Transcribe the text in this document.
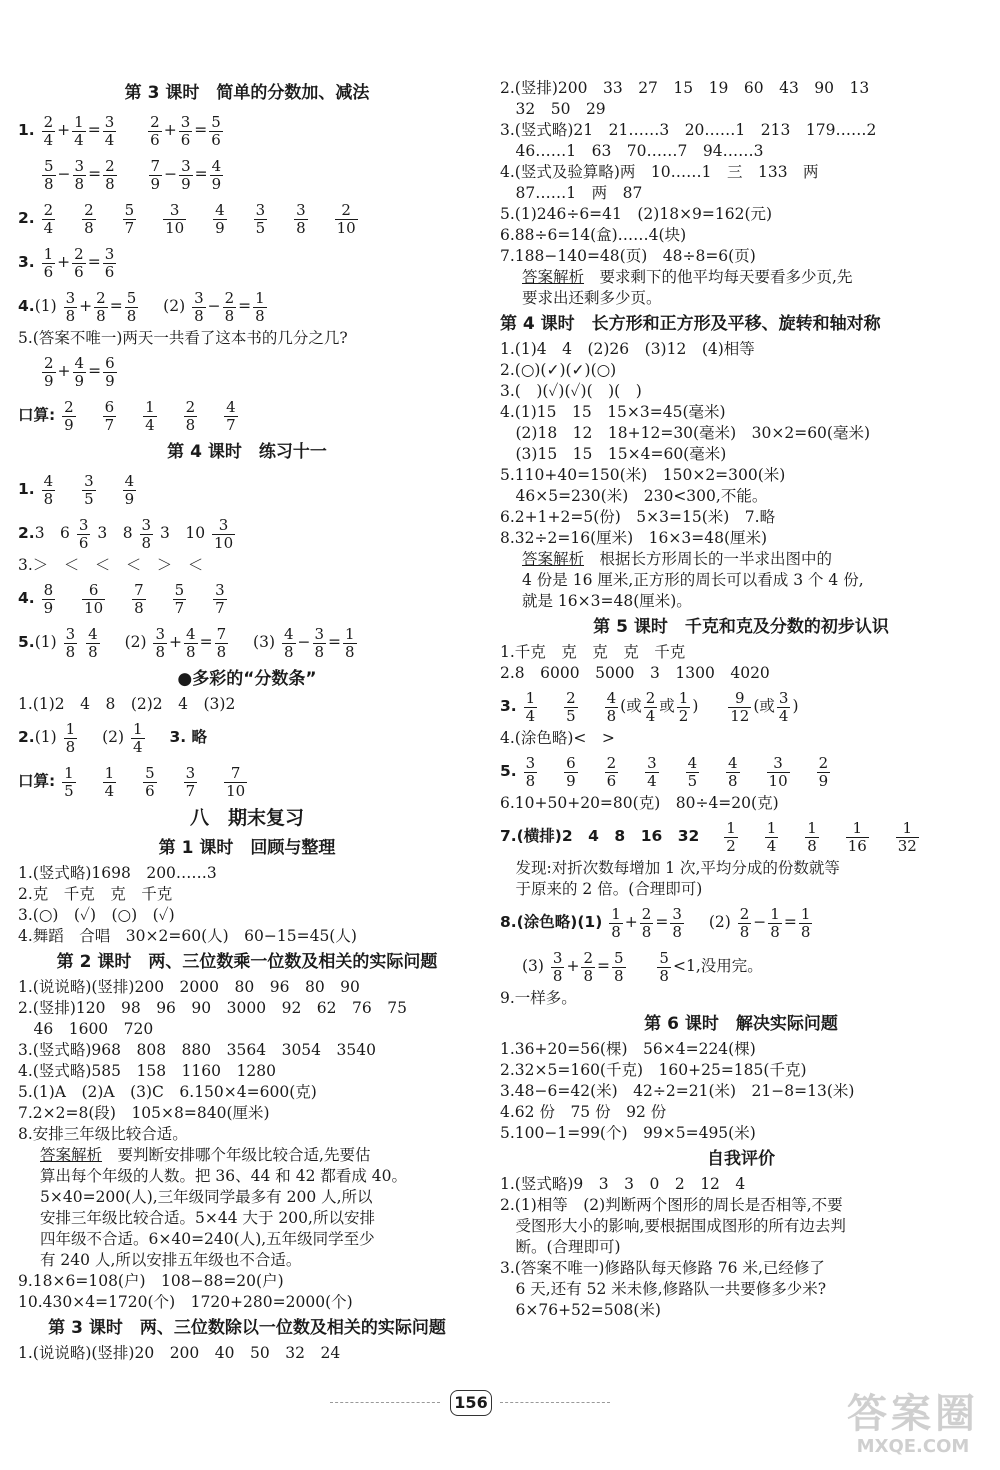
第 3 课时　简单的分数加、减法
1. $\frac{2}{4} + \frac{1}{4} = \frac{3}{4}$
$\frac{2}{6} + \frac{3}{6} = \frac{5}{6}$
$\frac{5}{8} - \frac{3}{8} = \frac{2}{8}$
$\frac{7}{9} - \frac{3}{9} = \frac{4}{9}$
2. $\frac{2}{4}$
$\frac{2}{8}$
$\frac{5}{7}$
$\frac{3}{10}$
$\frac{4}{9}$
$\frac{3}{5}$
$\frac{3}{8}$
$\frac{2}{10}$
3. $\frac{1}{6} + \frac{2}{6} = \frac{3}{6}$
$4.(1) \frac{3}{8} + \frac{2}{8} = \frac{5}{8} (2) \frac{3}{8} - \frac{2}{8} = \frac{1}{8}$
5.(答案不唯一)两天一共看了这本书的几分之几?
$\frac{2}{9} + \frac{4}{9} = \frac{6}{9}$
口算: $\frac{2}{9}$
$\frac{6}{7}$
$\frac{1}{4}$
$\frac{2}{8}$
$\frac{4}{7}$
第 4 课时　练习十一
1. $\frac{4}{8}$
$\frac{3}{5}$
$\frac{4}{9}$
2.3　$6 \frac{3}{6} 3$　$8 \frac{3}{8} 3$　$10 \frac{3}{10}$
3.＞　＜　＜　＜　＞　＜
4. $\frac{8}{9}$
$\frac{6}{10}$
$\frac{7}{8}$
$\frac{5}{7}$
$\frac{3}{7}$
$5.(1) \frac{3}{8}$
$\frac{4}{8} (2) \frac{3}{8} + \frac{4}{8} = \frac{7}{8} (3) \frac{4}{8} - \frac{3}{8} = \frac{1}{8}$
●多彩的“分数条”
1.(1)2　4　8　(2)2　4　(3)2
$2.(1) \frac{1}{8} (2) \frac{1}{4} 3$. 略
口算: $\frac{1}{5}$
$\frac{1}{4}$
$\frac{5}{6}$
$\frac{3}{7}$
$\frac{7}{10}$
八　期末复习
第 1 课时　回顾与整理
1.(竖式略)1698　200……3
2.克　千克　克　千克
3.(○)　(✓)　(○)　(✓)
4.舞蹈　合唱　30×2=60(人)　60−15=45(人)
第 2 课时　两、三位数乘一位数及相关的实际问题
1.(说说略)(竖排)200　2000　80　96　80　90
2.(竖排)120　98　96　90　3000　92　62　76　75
　46　1600　720
3.(竖式略)968　808　880　3564　3054　3540
4.(竖式略)585　158　1160　1280
5.(1)A　(2)A　(3)C　6.150×4=600(克)
7.2×2=8(段)　105×8=840(厘米)
8.安排三年级比较合适。
答案解析　要判断安排哪个年级比较合适,先要估
算出每个年级的人数。把 36、44 和 42 都看成 40。
5×40=200(人),三年级同学最多有 200 人,所以
安排三年级比较合适。5×44 大于 200,所以安排
四年级不合适。6×40=240(人),五年级同学至少
有 240 人,所以安排五年级也不合适。
9.18×6=108(户)　108−88=20(户)
10.430×4=1720(个)　1720+280=2000(个)
第 3 课时　两、三位数除以一位数及相关的实际问题
1.(说说略)(竖排)20　200　40　50　32　24
2.(竖排)200　33　27　15　19　60　43　90　13
　32　50　29
3.(竖式略)21　21……3　20……1　213　179……2
　46……1　63　70……7　94……3
4.(竖式及验算略)两　10……1　三　133　两
　87……1　两　87
5.(1)246÷6=41　(2)18×9=162(元)
6.88÷6=14(盒)……4(块)
7.188−140=48(页)　48÷8=6(页)
答案解析　要求剩下的他平均每天要看多少页,先
要求出还剩多少页。
第 4 课时　长方形和正方形及平移、旋转和轴对称
1.(1)4　4　(2)26　(3)12　(4)相等
2.(○)(✓)(✓)(○)
3.(　)(✓)(✓)(　)(　)
4.(1)15　15　15×3=45(毫米)
　(2)18　12　18+12=30(毫米)　30×2=60(毫米)
　(3)15　15　15×4=60(毫米)
5.110+40=150(米)　150×2=300(米)
　46×5=230(米)　230<300,不能。
6.2+1+2=5(份)　5×3=15(米)　7.略
8.32÷2=16(厘米)　16×3=48(厘米)
答案解析　根据长方形周长的一半求出图中的
4 份是 16 厘米,正方形的周长可以看成 3 个 4 份,
就是 16×3=48(厘米)。
第 5 课时　千克和克及分数的初步认识
1.千克　克　克　克　千克
2.8　6000　5000　3　1300　4020
3. $\frac{1}{4}$
$\frac{2}{5}$
$\frac{4}{8}$ (或 $\frac{2}{4}$ 或 $\frac{1}{2}$ ) $\frac{9}{12}$ (或 $\frac{3}{4}$ )
4.(涂色略)<　>
5. $\frac{3}{8}$
$\frac{6}{9}$
$\frac{2}{6}$
$\frac{3}{4}$
$\frac{4}{5}$
$\frac{4}{8}$
$\frac{3}{10}$
$\frac{2}{9}$
6.10+50+20=80(克)　80÷4=20(克)
7.(横排)2　4　8　16　$32 \frac{1}{2}$
$\frac{1}{4}$
$\frac{1}{8}$
$\frac{1}{16}$
$\frac{1}{32}$
　发现:对折次数每增加 1 次,平均分成的份数就等
　于原来的 2 倍。(合理即可)
8.(涂色略)$(1) \frac{1}{8} + \frac{2}{8} = \frac{3}{8} (2) \frac{2}{8} - \frac{1}{8} = \frac{1}{8}$
$(3) \frac{3}{8} + \frac{2}{8} = \frac{5}{8}$
$\frac{5}{8} <1$,没用完。
9.一样多。
第 6 课时　解决实际问题
1.36+20=56(棵)　56×4=224(棵)
2.32×5=160(千克)　160+25=185(千克)
3.48−6=42(米)　42÷2=21(米)　21−8=13(米)
4.62 份　75 份　92 份
5.100−1=99(个)　99×5=495(米)
自我评价
1.(竖式略)9　3　3　0　2　12　4
2.(1)相等　(2)判断两个图形的周长是否相等,不要
　受图形大小的影响,要根据围成图形的所有边去判
　断。(合理即可)
3.(答案不唯一)修路队每天修路 76 米,已经修了
　6 天,还有 52 米未修,修路队一共要修多少米?
　6×76+52=508(米)
156	答案圈
MXQE.COM
